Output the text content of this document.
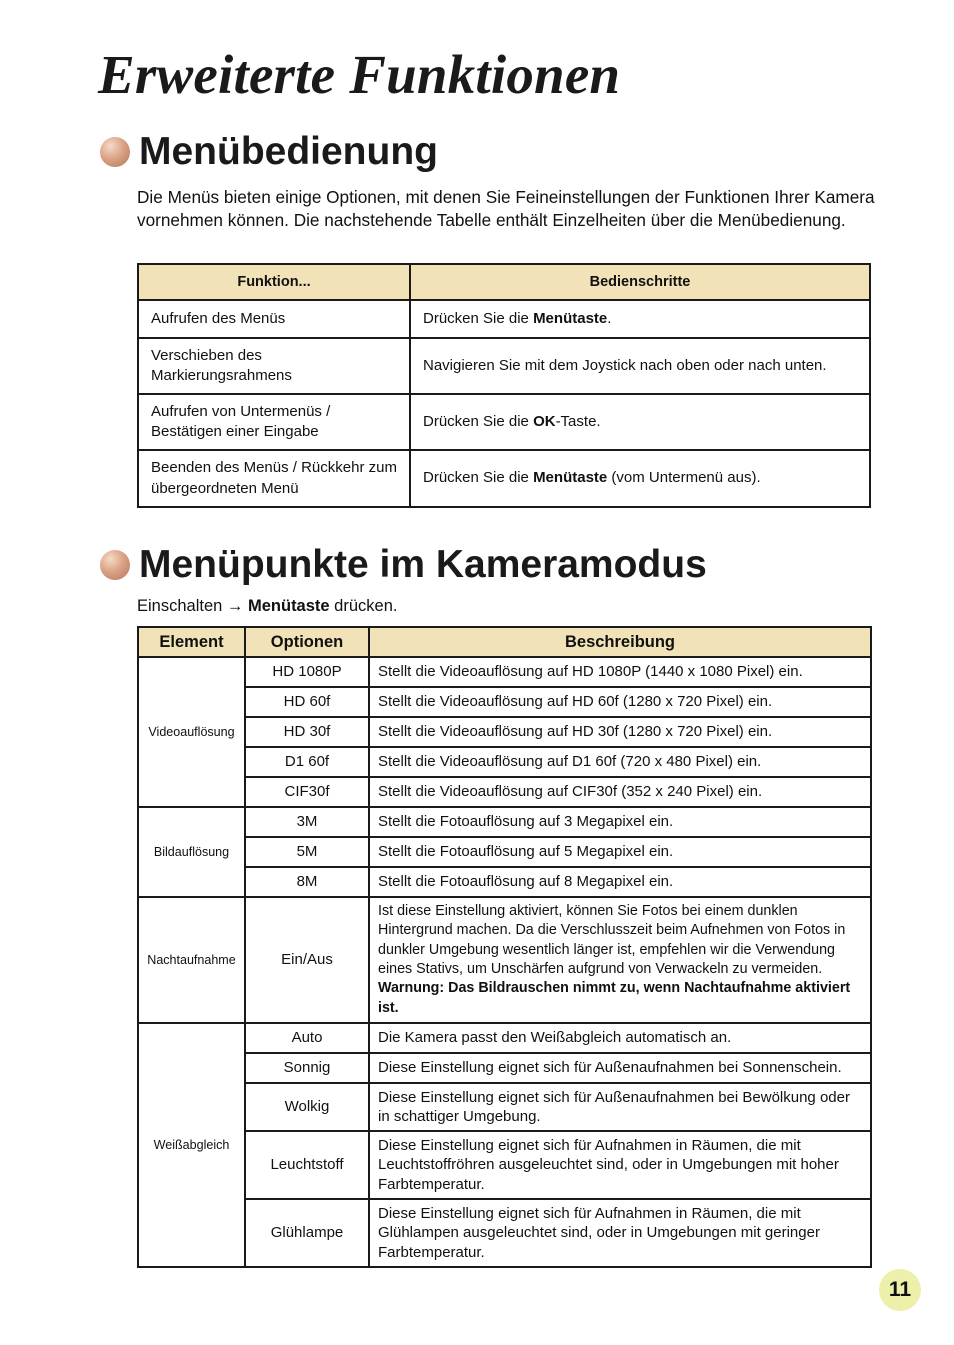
Erweiterte Funktionen
Menübedienung

Die Menüs bieten einige Optionen, mit denen Sie Feineinstellungen der Funktionen Ihrer Kamera vornehmen können. Die nachstehende Tabelle enthält Einzelheiten über die Menübedienung.

Funktion...	Bedienschritte
Aufrufen des Menüs	Drücken Sie die Menütaste.
Verschieben des Markierungsrahmens	Navigieren Sie mit dem Joystick nach oben oder nach unten.
Aufrufen von Untermenüs / Bestätigen einer Eingabe	Drücken Sie die OK-Taste.
Beenden des Menüs / Rückkehr zum übergeordneten Menü	Drücken Sie die Menütaste (vom Untermenü aus).
Menüpunkte im Kameramodus

Einschalten → Menütaste drücken.

Element	Optionen	Beschreibung
Videoauflösung	HD 1080P	Stellt die Videoauflösung auf HD 1080P (1440 x 1080 Pixel) ein.
	HD 60f	Stellt die Videoauflösung auf HD 60f (1280 x 720 Pixel) ein.
	HD 30f	Stellt die Videoauflösung auf HD 30f (1280 x 720 Pixel) ein.
	D1 60f	Stellt die Videoauflösung auf D1 60f (720 x 480 Pixel) ein.
	CIF30f	Stellt die Videoauflösung auf CIF30f (352 x 240 Pixel) ein.
Bildauflösung	3M	Stellt die Fotoauflösung auf 3 Megapixel ein.
	5M	Stellt die Fotoauflösung auf 5 Megapixel ein.
	8M	Stellt die Fotoauflösung auf 8 Megapixel ein.
Nachtaufnahme	Ein/Aus	Ist diese Einstellung aktiviert, können Sie Fotos bei einem dunklen Hintergrund machen. Da die Verschlusszeit beim Aufnehmen von Fotos in dunkler Umgebung wesentlich länger ist, empfehlen wir die Verwendung eines Stativs, um Unschärfen aufgrund von Verwackeln zu vermeiden.
Warnung: Das Bildrauschen nimmt zu, wenn Nachtaufnahme aktiviert ist.
Weißabgleich	Auto	Die Kamera passt den Weißabgleich automatisch an.
	Sonnig	Diese Einstellung eignet sich für Außenaufnahmen bei Sonnenschein.
	Wolkig	Diese Einstellung eignet sich für Außenaufnahmen bei Bewölkung oder in schattiger Umgebung.
	Leuchtstoff	Diese Einstellung eignet sich für Aufnahmen in Räumen, die mit Leuchtstoffröhren ausgeleuchtet sind, oder in Umgebungen mit hoher Farbtemperatur.
	Glühlampe	Diese Einstellung eignet sich für Aufnahmen in Räumen, die mit Glühlampen ausgeleuchtet sind, oder in Umgebungen mit geringer Farbtemperatur.
11
